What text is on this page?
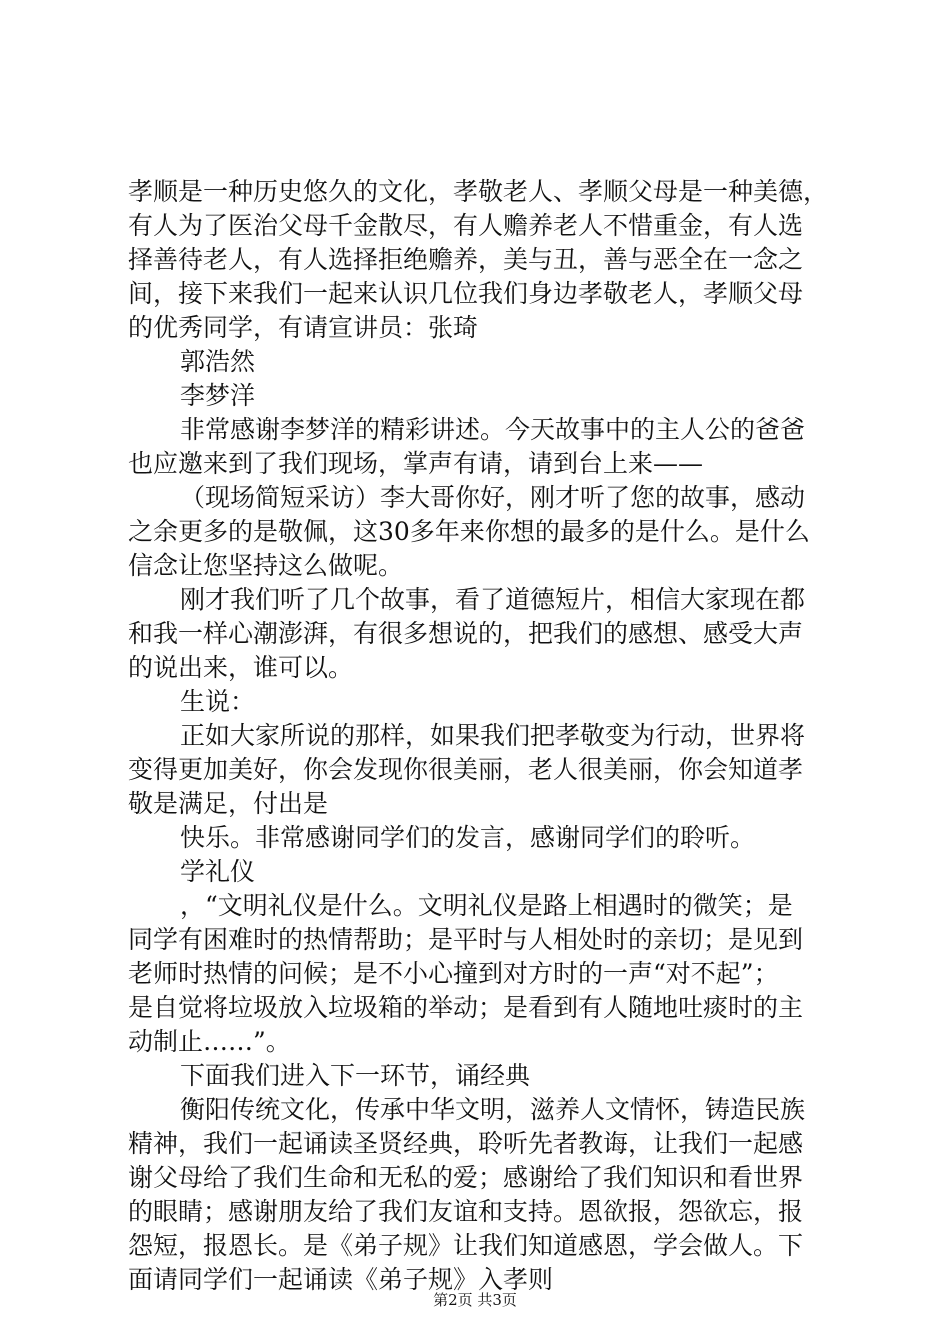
孝顺是一种历史悠久的文化，孝敬老人、孝顺父母是一种美德，
有人为了医治父母千金散尽，有人赡养老人不惜重金，有人选
择善待老人，有人选择拒绝赡养，美与丑，善与恶全在一念之
间，接下来我们一起来认识几位我们身边孝敬老人，孝顺父母
的优秀同学，有请宣讲员：张琦
郭浩然
李梦洋
非常感谢李梦洋的精彩讲述。今天故事中的主人公的爸爸
也应邀来到了我们现场，掌声有请，请到台上来——
（现场简短采访）李大哥你好，刚才听了您的故事，感动
之余更多的是敬佩，这30多年来你想的最多的是什么。是什么
信念让您坚持这么做呢。
刚才我们听了几个故事，看了道德短片，相信大家现在都
和我一样心潮澎湃，有很多想说的，把我们的感想、感受大声
的说出来，谁可以。
生说：
正如大家所说的那样，如果我们把孝敬变为行动，世界将
变得更加美好，你会发现你很美丽，老人很美丽，你会知道孝
敬是满足，付出是
快乐。非常感谢同学们的发言，感谢同学们的聆听。
学礼仪
，“文明礼仪是什么。文明礼仪是路上相遇时的微笑；是
同学有困难时的热情帮助；是平时与人相处时的亲切；是见到
老师时热情的问候；是不小心撞到对方时的一声“对不起”；
是自觉将垃圾放入垃圾箱的举动；是看到有人随地吐痰时的主
动制止……”。
下面我们进入下一环节，诵经典
衡阳传统文化，传承中华文明，滋养人文情怀，铸造民族
精神，我们一起诵读圣贤经典，聆听先者教诲，让我们一起感
谢父母给了我们生命和无私的爱；感谢给了我们知识和看世界
的眼睛；感谢朋友给了我们友谊和支持。恩欲报，怨欲忘，报
怨短，报恩长。是《弟子规》让我们知道感恩，学会做人。下
面请同学们一起诵读《弟子规》入孝则
第2页 共3页
